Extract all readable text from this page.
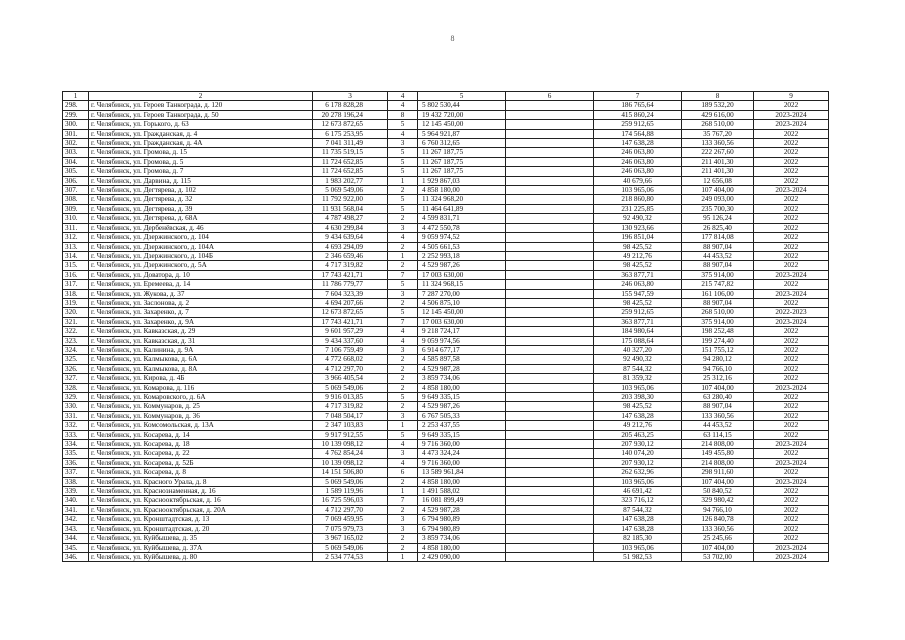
8
1	2	3	4	5	6	7	8	9
298.	г. Челябинск, ул. Героев Танкограда, д. 120	6 178 828,28	4	5 802 530,44		186 765,64	189 532,20	2022
299.	г. Челябинск, ул. Героев Танкограда, д. 50	20 278 196,24	8	19 432 720,00		415 860,24	429 616,00	2023-2024
300.	г. Челябинск, ул. Горького, д. 63	12 673 872,65	5	12 145 450,00		259 912,65	268 510,00	2023-2024
301.	г. Челябинск, ул. Гражданская, д. 4	6 175 253,95	4	5 964 921,87		174 564,88	35 767,20	2022
302.	г. Челябинск, ул. Гражданская, д. 4А	7 041 311,49	3	6 760 312,65		147 638,28	133 360,56	2022
303.	г. Челябинск, ул. Громова, д. 15	11 735 519,15	5	11 267 187,75		246 063,80	222 267,60	2022
304.	г. Челябинск, ул. Громова, д. 5	11 724 652,85	5	11 267 187,75		246 063,80	211 401,30	2022
305.	г. Челябинск, ул. Громова, д. 7	11 724 652,85	5	11 267 187,75		246 063,80	211 401,30	2022
306.	г. Челябинск, ул. Дарвина, д. 115	1 983 202,77	1	1 929 867,03		40 679,66	12 656,08	2022
307.	г. Челябинск, ул. Дегтярева, д. 102	5 069 549,06	2	4 858 180,00		103 965,06	107 404,00	2023-2024
308.	г. Челябинск, ул. Дегтярева, д. 32	11 792 922,00	5	11 324 968,20		218 860,80	249 093,00	2022
309.	г. Челябинск, ул. Дегтярева, д. 39	11 931 568,04	5	11 464 641,89		231 225,85	235 700,30	2022
310.	г. Челябинск, ул. Дегтярева, д. 68А	4 787 498,27	2	4 599 831,71		92 490,32	95 126,24	2022
311.	г. Челябинск, ул. Дербенёвская, д. 46	4 630 299,84	3	4 472 550,78		130 923,66	26 825,40	2022
312.	г. Челябинск, ул. Дзержинского, д. 104	9 434 639,64	4	9 059 974,52		196 851,04	177 814,08	2022
313.	г. Челябинск, ул. Дзержинского, д. 104А	4 693 294,09	2	4 505 661,53		98 425,52	88 907,04	2022
314.	г. Челябинск, ул. Дзержинского, д. 104Б	2 346 659,46	1	2 252 993,18		49 212,76	44 453,52	2022
315.	г. Челябинск, ул. Дзержинского, д. 5А	4 717 319,82	2	4 529 987,26		98 425,52	88 907,04	2022
316.	г. Челябинск, ул. Доватора, д. 10	17 743 421,71	7	17 003 630,00		363 877,71	375 914,00	2023-2024
317.	г. Челябинск, ул. Еремеева, д. 14	11 786 779,77	5	11 324 968,15		246 063,80	215 747,82	2022
318.	г. Челябинск, ул. Жукова, д. 37	7 604 323,39	3	7 287 270,00		155 947,59	161 106,00	2023-2024
319.	г. Челябинск, ул. Заслонова, д. 2	4 694 207,66	2	4 506 875,10		98 425,52	88 907,04	2022
320.	г. Челябинск, ул. Захаренко, д. 7	12 673 872,65	5	12 145 450,00		259 912,65	268 510,00	2022-2023
321.	г. Челябинск, ул. Захаренко, д. 9А	17 743 421,71	7	17 003 630,00		363 877,71	375 914,00	2023-2024
322.	г. Челябинск, ул. Кавказская, д. 29	9 601 957,29	4	9 218 724,17		184 980,64	198 252,48	2022
323.	г. Челябинск, ул. Кавказская, д. 31	9 434 337,60	4	9 059 974,56		175 088,64	199 274,40	2022
324.	г. Челябинск, ул. Калинина, д. 9А	7 106 759,49	3	6 914 677,17		40 327,20	151 755,12	2022
325.	г. Челябинск, ул. Калмыкова, д. 6А	4 772 668,02	2	4 585 897,58		92 490,32	94 280,12	2022
326.	г. Челябинск, ул. Калмыкова, д. 8А	4 712 297,70	2	4 529 987,28		87 544,32	94 766,10	2022
327.	г. Челябинск, ул. Кирова, д. 4Б	3 966 405,54	2	3 859 734,06		81 359,32	25 312,16	2022
328.	г. Челябинск, ул. Комарова, д. 116	5 069 549,06	2	4 858 180,00		103 965,06	107 404,00	2023-2024
329.	г. Челябинск, ул. Комаровского, д. 6А	9 916 013,85	5	9 649 335,15		203 398,30	63 280,40	2022
330.	г. Челябинск, ул. Коммунаров, д. 25	4 717 319,82	2	4 529 987,26		98 425,52	88 907,04	2022
331.	г. Челябинск, ул. Коммунаров, д. 36	7 048 504,17	3	6 767 505,33		147 638,28	133 360,56	2022
332.	г. Челябинск, ул. Комсомольская, д. 13А	2 347 103,83	1	2 253 437,55		49 212,76	44 453,52	2022
333.	г. Челябинск, ул. Косарева, д. 14	9 917 912,55	5	9 649 335,15		205 463,25	63 114,15	2022
334.	г. Челябинск, ул. Косарева, д. 18	10 139 098,12	4	9 716 360,00		207 930,12	214 808,00	2023-2024
335.	г. Челябинск, ул. Косарева, д. 22	4 762 854,24	3	4 473 324,24		140 074,20	149 455,80	2022
336.	г. Челябинск, ул. Косарева, д. 52Б	10 139 098,12	4	9 716 360,00		207 930,12	214 808,00	2023-2024
337.	г. Челябинск, ул. Косарева, д. 8	14 151 506,80	6	13 589 961,84		262 632,96	298 911,60	2022
338.	г. Челябинск, ул. Красного Урала, д. 8	5 069 549,06	2	4 858 180,00		103 965,06	107 404,00	2023-2024
339.	г. Челябинск, ул. Краснознаменная, д. 16	1 589 119,96	1	1 491 588,02		46 691,42	50 840,52	2022
340.	г. Челябинск, ул. Краснооктябрьская, д. 16	16 725 596,03	7	16 081 899,49		323 716,12	329 980,42	2022
341.	г. Челябинск, ул. Краснооктябрьская, д. 20А	4 712 297,70	2	4 529 987,28		87 544,32	94 766,10	2022
342.	г. Челябинск, ул. Кронштадтская, д. 13	7 069 459,95	3	6 794 980,89		147 638,28	126 840,78	2022
343.	г. Челябинск, ул. Кронштадтская, д. 20	7 075 979,73	3	6 794 980,89		147 638,28	133 360,56	2022
344.	г. Челябинск, ул. Куйбышева, д. 35	3 967 165,02	2	3 859 734,06		82 185,30	25 245,66	2022
345.	г. Челябинск, ул. Куйбышева, д. 37А	5 069 549,06	2	4 858 180,00		103 965,06	107 404,00	2023-2024
346.	г. Челябинск, ул. Куйбышева, д. 80	2 534 774,53	1	2 429 090,00		51 982,53	53 702,00	2023-2024
